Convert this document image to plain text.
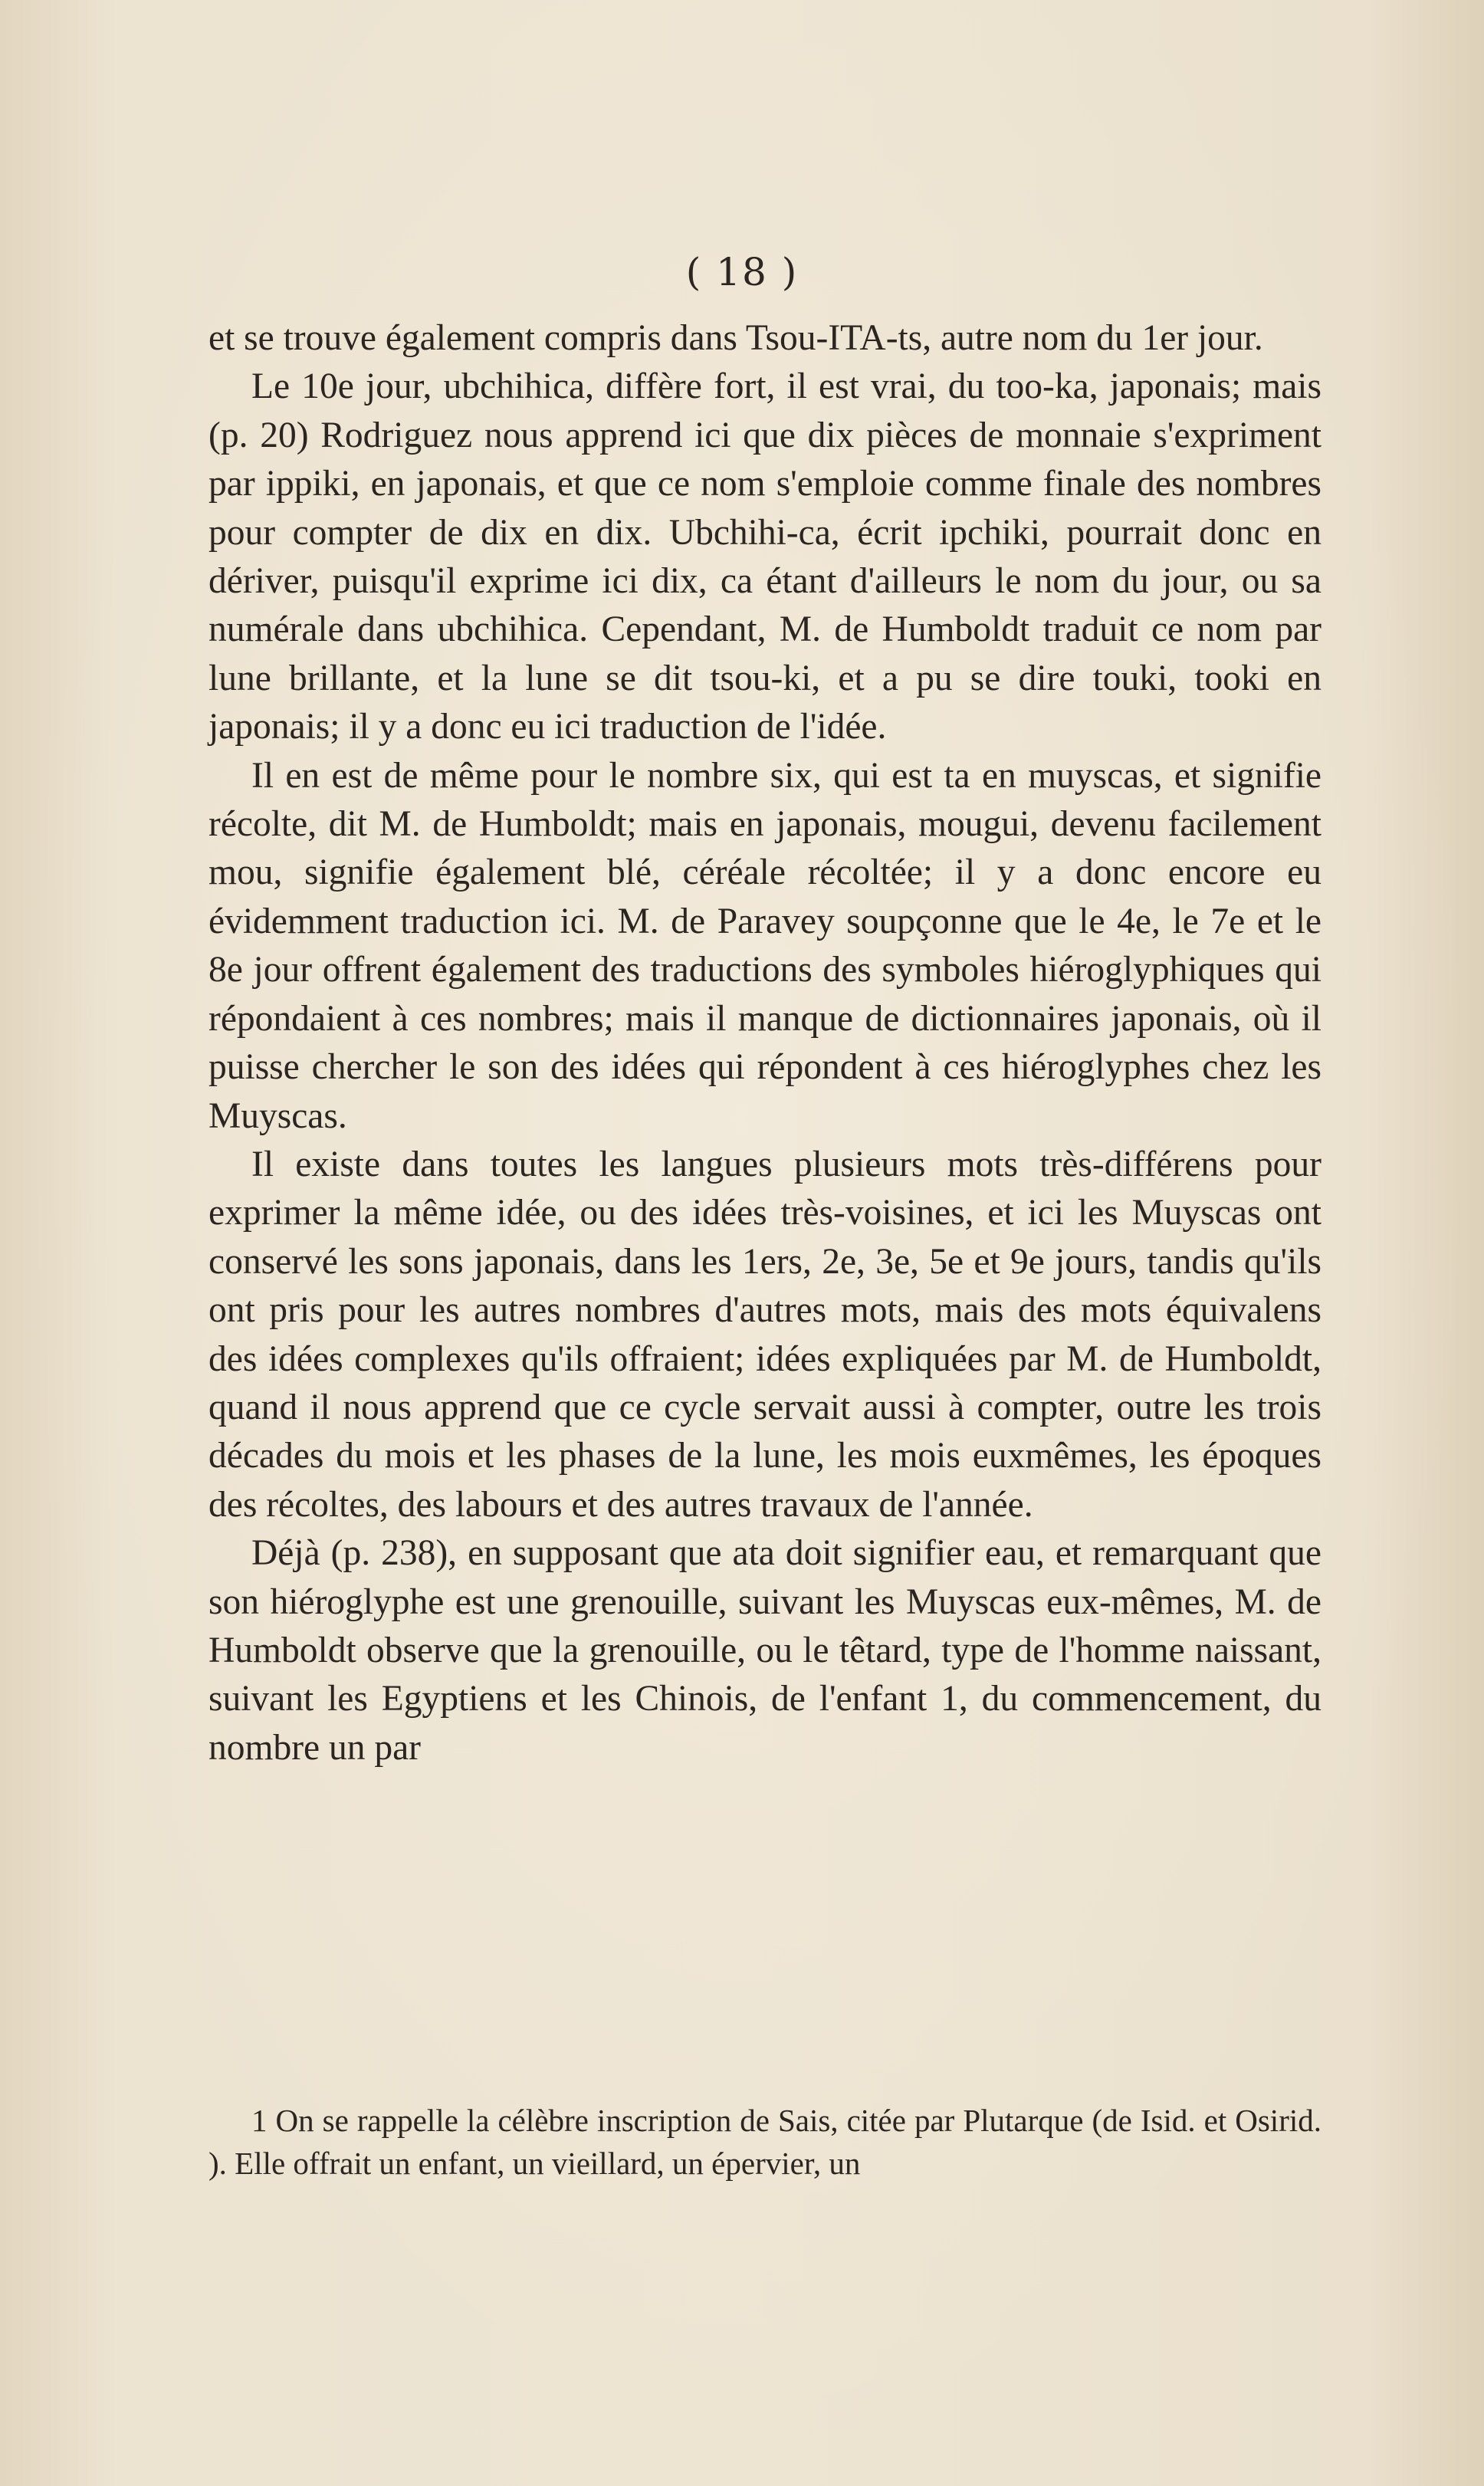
( 18 )

et se trouve également compris dans Tsou-ITA-ts, autre nom du 1er jour.

Le 10e jour, ubchihica, diffère fort, il est vrai, du too-ka, japonais; mais (p. 20) Rodriguez nous apprend ici que dix pièces de monnaie s'expriment par ippiki, en japonais, et que ce nom s'emploie comme finale des nombres pour compter de dix en dix. Ubchihi-ca, écrit ipchiki, pourrait donc en dériver, puisqu'il exprime ici dix, ca étant d'ailleurs le nom du jour, ou sa numérale dans ubchihica. Cependant, M. de Humboldt traduit ce nom par lune brillante, et la lune se dit tsou-ki, et a pu se dire touki, tooki en japonais; il y a donc eu ici traduction de l'idée.

Il en est de même pour le nombre six, qui est ta en muyscas, et signifie récolte, dit M. de Humboldt; mais en japonais, mougui, devenu facilement mou, signifie également blé, céréale récoltée; il y a donc encore eu évidemment traduction ici. M. de Paravey soupçonne que le 4e, le 7e et le 8e jour offrent également des traductions des symboles hiéroglyphiques qui répondaient à ces nombres; mais il manque de dictionnaires japonais, où il puisse chercher le son des idées qui répondent à ces hiéroglyphes chez les Muyscas.

Il existe dans toutes les langues plusieurs mots très-différens pour exprimer la même idée, ou des idées très-voisines, et ici les Muyscas ont conservé les sons japonais, dans les 1ers, 2e, 3e, 5e et 9e jours, tandis qu'ils ont pris pour les autres nombres d'autres mots, mais des mots équivalens des idées complexes qu'ils offraient; idées expliquées par M. de Humboldt, quand il nous apprend que ce cycle servait aussi à compter, outre les trois décades du mois et les phases de la lune, les mois euxmêmes, les époques des récoltes, des labours et des autres travaux de l'année.

Déjà (p. 238), en supposant que ata doit signifier eau, et remarquant que son hiéroglyphe est une grenouille, suivant les Muyscas eux-mêmes, M. de Humboldt observe que la grenouille, ou le têtard, type de l'homme naissant, suivant les Egyptiens et les Chinois, de l'enfant 1, du commencement, du nombre un par

1 On se rappelle la célèbre inscription de Sais, citée par Plutarque (de Isid. et Osirid. ). Elle offrait un enfant, un vieillard, un épervier, un
